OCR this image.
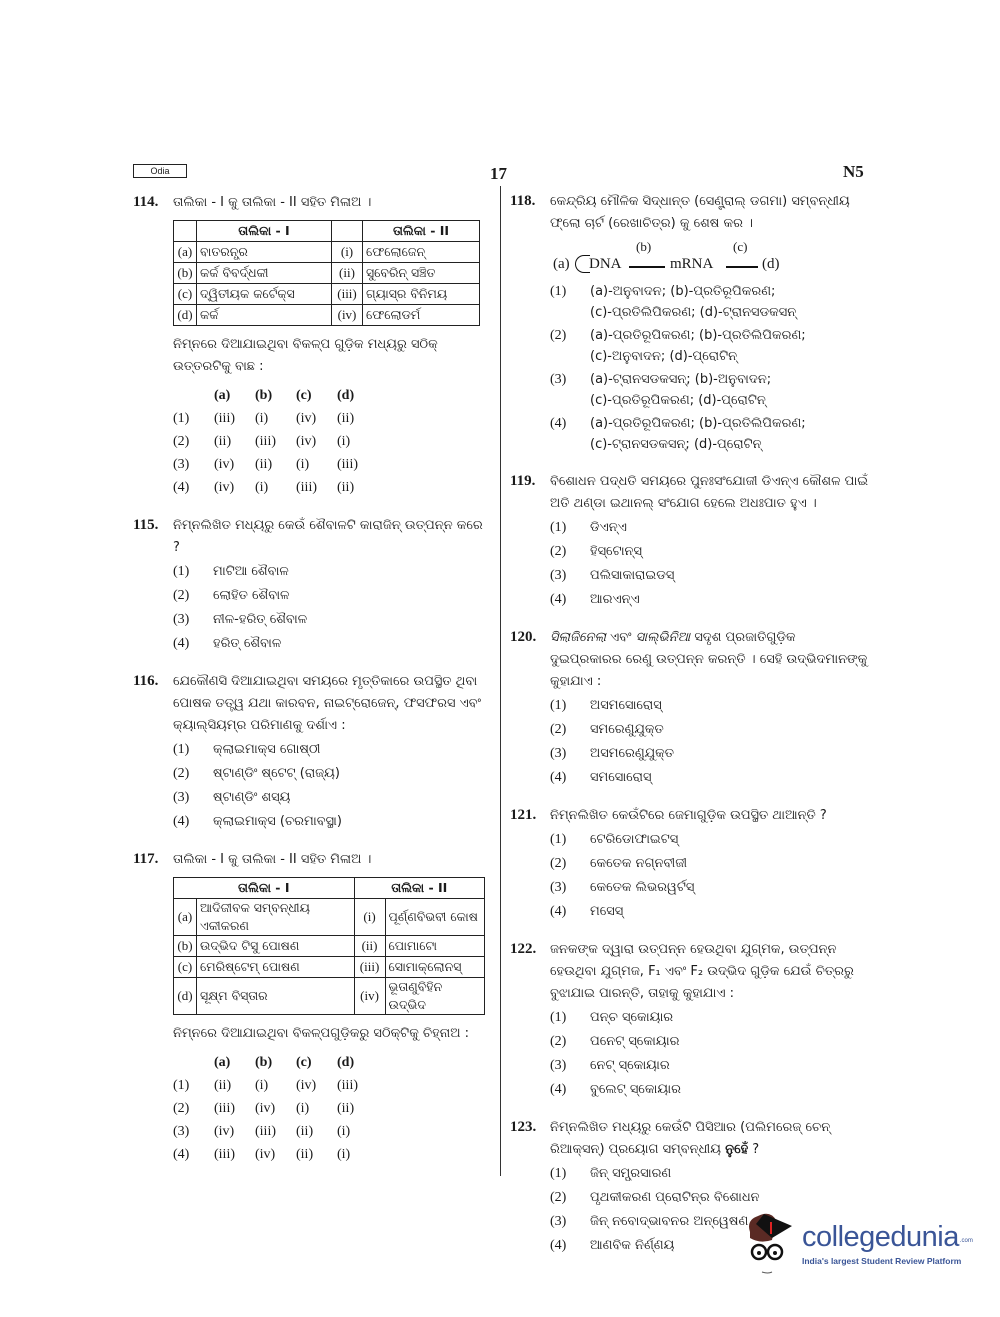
Odia	17	N5
114. ତାଲିକା - I କୁ ତାଲିକା - II ସହିତ ମିଳାଅ ।
	ତାଲିକା - I		ତାଲିକା - II
(a)	ବାତରନ୍ଧ୍ର	(i)	ଫେଲୋଜେନ୍
(b)	କର୍କ ବିବର୍ଦ୍ଧକୀ	(ii)	ସୁବେରିନ୍ ସଞ୍ଚିତ
(c)	ଦ୍ୱିତୀୟକ କର୍ଟେକ୍ସ	(iii)	ଗ୍ୟାସ୍‌ର ବିନିମୟ
(d)	କର୍କ	(iv)	ଫେଲୋଡର୍ମ
ନିମ୍ନରେ ଦିଆଯାଇଥିବା ବିକଳ୍ପ ଗୁଡ଼ିକ ମଧ୍ୟରୁ ସଠିକ୍ ଉତ୍ତରଟିକୁ ବାଛ :
(a)	(b)	(c)	(d)
(1)	(iii)	(i)	(iv)	(ii)
(2)	(ii)	(iii)	(iv)	(i)
(3)	(iv)	(ii)	(i)	(iii)
(4)	(iv)	(i)	(iii)	(ii)
115. ନିମ୍ନଲିଖିତ ମଧ୍ୟରୁ କେଉଁ ଶୈବାଳଟି କାରାଜିନ୍ ଉତ୍ପନ୍ନ କରେ ?
(1)	ମାଟିଆ ଶୈବାଳ
(2)	ଲୋହିତ ଶୈବାଳ
(3)	ନୀଳ-ହରିତ୍ ଶୈବାଳ
(4)	ହରିତ୍ ଶୈବାଳ
116. ଯେକୌଣସି ଦିଆଯାଇଥିବା ସମୟରେ ମୃତ୍ତିକାରେ ଉପସ୍ଥିତ ଥିବା ପୋଷକ ତତ୍ତ୍ୱ ଯଥା କାରବନ, ନାଇଟ୍ରୋଜେନ୍, ଫସଫରସ ଏବଂ କ୍ୟାଲ୍‌ସିୟମ୍‌ର ପରିମାଣକୁ ଦର୍ଶାଏ :
(1)	କ୍ଲାଇମାକ୍ସ ଗୋଷ୍ଠୀ
(2)	ଷ୍ଟାଣ୍ଡିଂ ଷ୍ଟେଟ୍ (ରାଜ୍ୟ)
(3)	ଷ୍ଟାଣ୍ଡିଂ ଶସ୍ୟ
(4)	କ୍ଲାଇମାକ୍ସ (ଚରମାବସ୍ଥା)
117. ତାଲିକା - I କୁ ତାଲିକା - II ସହିତ ମିଳାଅ ।
ତାଲିକା - I		ତାଲିକା - II	
(a)	ଆଦିଜୀବକ ସମ୍ବନ୍ଧୀୟ ଏକୀକରଣ	(i)	ପୂର୍ଣ୍ଣବିଭବୀ କୋଷ
(b)	ଉଦ୍ଭିଦ ଟିସୁ ପୋଷଣ	(ii)	ପୋମାଟୋ
(c)	ମେରିଷ୍ଟେମ୍ ପୋଷଣ	(iii)	ସୋମାକ୍ଲୋନସ୍
(d)	ସୂକ୍ଷ୍ମ ବିସ୍ତାର	(iv)	ଭୂତାଣୁବିହିନ ଉଦ୍ଭିଦ
ନିମ୍ନରେ ଦିଆଯାଇଥିବା ବିକଳ୍ପଗୁଡ଼ିକରୁ ସଠିକ୍‌ଟିକୁ ଚିହ୍ନାଅ :
(a)	(b)	(c)	(d)
(1)	(ii)	(i)	(iv)	(iii)
(2)	(iii)	(iv)	(i)	(ii)
(3)	(iv)	(iii)	(ii)	(i)
(4)	(iii)	(iv)	(ii)	(i)
118. କେନ୍ଦ୍ରିୟ ମୌଳିକ ସିଦ୍ଧାନ୍ତ (ସେଣ୍ଟ୍ରାଲ୍ ଡଗମା) ସମ୍ବନ୍ଧୀୟ ଫ୍ଲୋ ଚାର୍ଟ (ରେଖାଚିତ୍ର) କୁ ଶେଷ କର ।
(a) DNA
(b)
mRNA
(c)
(d)
(1)	(a)-ଅନୁବାଦନ; (b)-ପ୍ରତିରୂପିକରଣ;
(c)-ପ୍ରତିଲିପିକରଣ; (d)-ଟ୍ରାନସଡକସନ୍
(2)	(a)-ପ୍ରତିରୂପିକରଣ; (b)-ପ୍ରତିଲିପିକରଣ;
(c)-ଅନୁବାଦନ; (d)-ପ୍ରୋଟିନ୍
(3)	(a)-ଟ୍ରାନସଡକସନ୍; (b)-ଅନୁବାଦନ;
(c)-ପ୍ରତିରୂପିକରଣ; (d)-ପ୍ରୋଟିନ୍
(4)	(a)-ପ୍ରତିରୂପିକରଣ; (b)-ପ୍ରତିଲିପିକରଣ;
(c)-ଟ୍ରାନସଡକସନ୍; (d)-ପ୍ରୋଟିନ୍
119. ବିଶୋଧନ ପଦ୍ଧତି ସମୟରେ ପୁନଃସଂଯୋଜୀ ଡିଏନ୍‌ଏ କୌଶଳ ପାଇଁ ଅତି ଥଣ୍ଡା ଇଥାନଲ୍ ସଂଯୋଗ ହେଲେ ଅଧଃପାତ ହୁଏ ।
(1)	ଡିଏନ୍‌ଏ
(2)	ହିସ୍ଟୋନ୍‌ସ୍
(3)	ପଲିସାକାରାଇଡସ୍
(4)	ଆରଏନ୍‌ଏ
120. ସିଲାଜିନେଲା ଏବଂ ସାଲ୍‌ଭିନିଆ ସଦୃଶ ପ୍ରଜାତିଗୁଡ଼ିକ ଦୁଇପ୍ରକାରର ରେଣୁ ଉତ୍ପନ୍ନ କରନ୍ତି । ସେହି ଉଦ୍ଭିଦମାନଙ୍କୁ କୁହାଯାଏ :
(1)	ଅସମସୋରୋସ୍
(2)	ସମରେଣୁଯୁକ୍ତ
(3)	ଅସମରେଣୁଯୁକ୍ତ
(4)	ସମସୋରୋସ୍
121. ନିମ୍ନଲିଖିତ କେଉଁଟିରେ ଜେମାଗୁଡ଼ିକ ଉପସ୍ଥିତ ଥାଆନ୍ତି ?
(1)	ଟେରିଡୋଫାଇଟସ୍
(2)	କେତେକ ନଗ୍ନବୀଜୀ
(3)	କେତେକ ଲିଭରୱର୍ଟସ୍
(4)	ମସେସ୍
122. ଜନକଙ୍କ ଦ୍ୱାରା ଉତ୍ପନ୍ନ ହେଉଥିବା ଯୁଗ୍ମକ, ଉତ୍ପନ୍ନ ହେଉଥିବା ଯୁଗ୍ମଜ, F₁ ଏବଂ F₂ ଉଦ୍ଭିଦ ଗୁଡ଼ିକ ଯେଉଁ ଚିତ୍ରରୁ ବୁଝାଯାଇ ପାରନ୍ତି, ତାହାକୁ କୁହାଯାଏ :
(1)	ପନ୍‌ଚ ସ୍କୋୟାର
(2)	ପନେଟ୍ ସ୍କୋୟାର
(3)	ନେଟ୍ ସ୍କୋୟାର
(4)	ବୁଲେଟ୍ ସ୍କୋୟାର
123. ନିମ୍ନଲିଖିତ ମଧ୍ୟରୁ କେଉଁଟି ପିସିଆର (ପଲିମରେଜ୍ ଚେନ୍ ରିଆକ୍‌ସନ୍) ପ୍ରୟୋଗ ସମ୍ବନ୍ଧୀୟ ନୁହେଁ ?
(1)	ଜିନ୍ ସମ୍ପ୍ରସାରଣ
(2)	ପୃଥକୀକରଣ ପ୍ରୋଟିନ୍‌ର ବିଶୋଧନ
(3)	ଜିନ୍ ନବୋଦ୍ଭାବନର ଅନ୍ୱେଷଣ
(4)	ଆଣବିକ ନିର୍ଣ୍ଣୟ	collegedunia .com
India's largest Student Review Platform
